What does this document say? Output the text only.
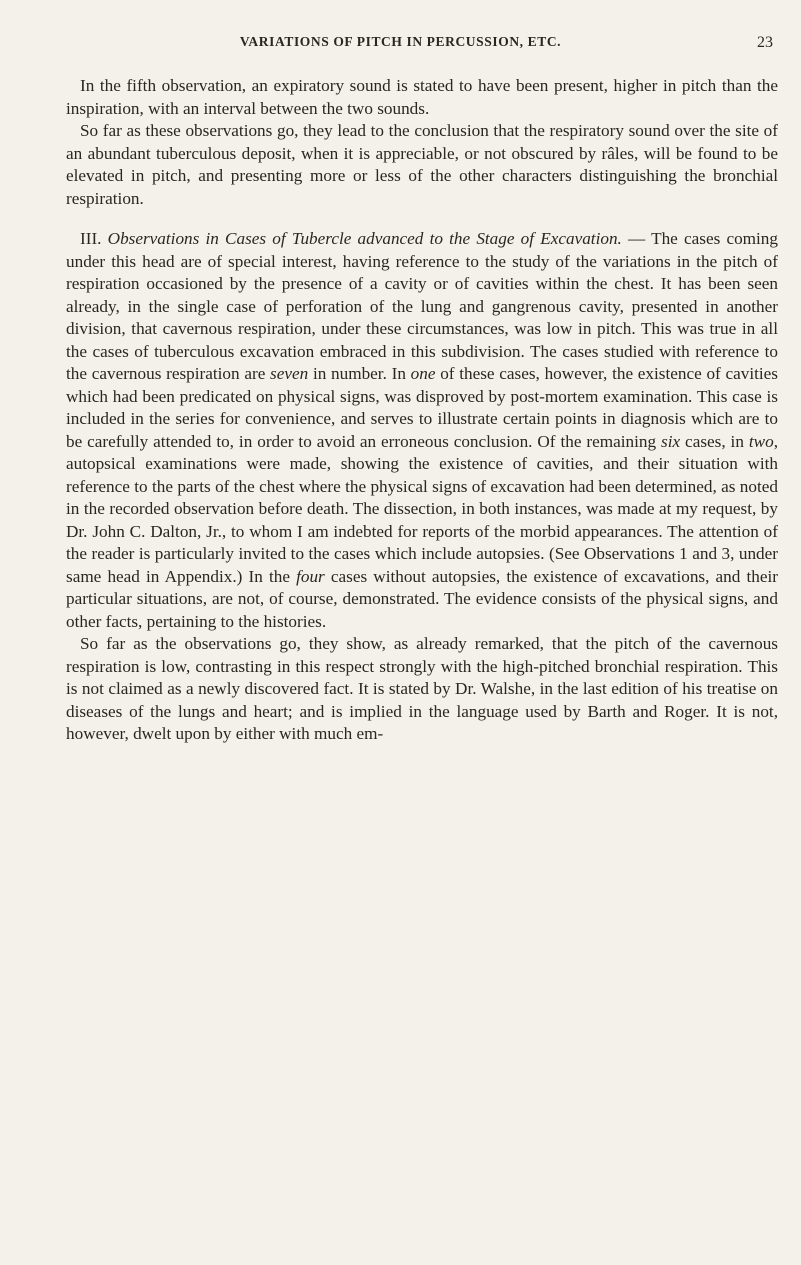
VARIATIONS OF PITCH IN PERCUSSION, ETC.	23

In the fifth observation, an expiratory sound is stated to have been present, higher in pitch than the inspiration, with an interval between the two sounds.

So far as these observations go, they lead to the conclusion that the respiratory sound over the site of an abundant tuberculous deposit, when it is appreciable, or not obscured by râles, will be found to be elevated in pitch, and presenting more or less of the other characters distinguishing the bronchial respiration.

III. Observations in Cases of Tubercle advanced to the Stage of Excavation. — The cases coming under this head are of special interest, having reference to the study of the variations in the pitch of respiration occasioned by the presence of a cavity or of cavities within the chest. It has been seen already, in the single case of perforation of the lung and gangrenous cavity, presented in another division, that cavernous respiration, under these circumstances, was low in pitch. This was true in all the cases of tuberculous excavation embraced in this subdivision. The cases studied with reference to the cavernous respiration are seven in number. In one of these cases, however, the existence of cavities which had been predicated on physical signs, was disproved by post-mortem examination. This case is included in the series for convenience, and serves to illustrate certain points in diagnosis which are to be carefully attended to, in order to avoid an erroneous conclusion. Of the remaining six cases, in two, autopsical examinations were made, showing the existence of cavities, and their situation with reference to the parts of the chest where the physical signs of excavation had been determined, as noted in the recorded observation before death. The dissection, in both instances, was made at my request, by Dr. John C. Dalton, Jr., to whom I am indebted for reports of the morbid appearances. The attention of the reader is particularly invited to the cases which include autopsies. (See Observations 1 and 3, under same head in Appendix.) In the four cases without autopsies, the existence of excavations, and their particular situations, are not, of course, demonstrated. The evidence consists of the physical signs, and other facts, pertaining to the histories.

So far as the observations go, they show, as already remarked, that the pitch of the cavernous respiration is low, contrasting in this respect strongly with the high-pitched bronchial respiration. This is not claimed as a newly discovered fact. It is stated by Dr. Walshe, in the last edition of his treatise on diseases of the lungs and heart; and is implied in the language used by Barth and Roger. It is not, however, dwelt upon by either with much em-
